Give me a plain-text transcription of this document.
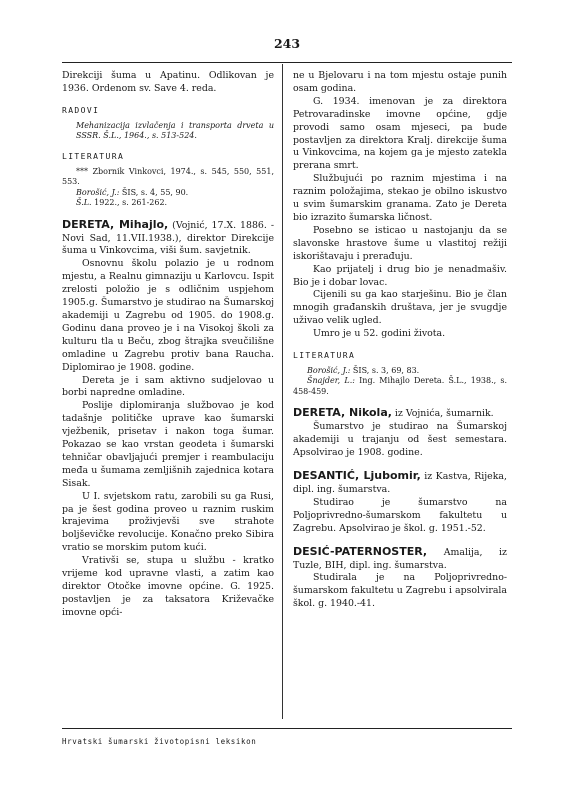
243

Direkciji šuma u Apatinu. Odlikovan je 1936. Ordenom sv. Save 4. reda.

RADOVI

Mehanizacija izvlačenja i transporta drveta u SSSR. Š.L., 1964., s. 513-524.

LITERATURA

*** Zbornik Vinkovci, 1974., s. 545, 550, 551, 553.

Borošić, J.: ŠIS, s. 4, 55, 90.

Š.L. 1922., s. 261-262.

DERETA, Mihajlo, (Vojnić, 17.X. 1886. - Novi Sad, 11.VII.1938.), direktor Direkcije šuma u Vinkovcima, viši šum. savjetnik.

Osnovnu školu polazio je u rodnom mjestu, a Realnu gimnaziju u Karlovcu. Ispit zrelosti položio je s odličnim uspjehom 1905.g. Šumarstvo je studirao na Šumarskoj akademiji u Zagrebu od 1905. do 1908.g. Godinu dana proveo je i na Visokoj školi za kulturu tla u Beču, zbog štrajka sveučilišne omladine u Zagrebu protiv bana Raucha. Diplomirao je 1908. godine.

Dereta je i sam aktivno sudjelovao u borbi napredne omladine.

Poslije diplomiranja službovao je kod tadašnje političke uprave kao šumarski vježbenik, prisetav i nakon toga šumar. Pokazao se kao vrstan geodeta i šumarski tehničar obavljajući premjer i reambulaciju međa u šumama zemljišnih zajednica kotara Sisak.

U I. svjetskom ratu, zarobili su ga Rusi, pa je šest godina proveo u raznim ruskim krajevima proživjevši sve strahote boljševičke revolucije. Konačno preko Sibira vratio se morskim putom kući.

Vrativši se, stupa u službu - kratko vrijeme kod upravne vlasti, a zatim kao direktor Otočke imovne općine. G. 1925. postavljen je za taksatora Križevačke imovne opći-

ne u Bjelovaru i na tom mjestu ostaje punih osam godina.

G. 1934. imenovan je za direktora Petrovaradinske imovne općine, gdje provodi samo osam mjeseci, pa bude postavljen za direktora Kralj. direkcije šuma u Vinkovcima, na kojem ga je mjesto zatekla prerana smrt.

Službujući po raznim mjestima i na raznim položajima, stekao je obilno iskustvo u svim šumarskim granama. Zato je Dereta bio izrazito šumarska ličnost.

Posebno se isticao u nastojanju da se slavonske hrastove šume u vlastitoj režiji iskorištavaju i prerađuju.

Kao prijatelj i drug bio je nenadmašiv. Bio je i dobar lovac.

Cijenili su ga kao starješinu. Bio je član mnogih građanskih društava, jer je svugdje uživao velik ugled.

Umro je u 52. godini života.

LITERATURA

Borošić, J.: ŠIS, s. 3, 69, 83.

Šnajder, L.: Ing. Mihajlo Dereta. Š.L., 1938., s. 458-459.

DERETA, Nikola, iz Vojnića, šumarnik.

Šumarstvo je studirao na Šumarskoj akademiji u trajanju od šest semestara. Apsolvirao je 1908. godine.

DESANTIĆ, Ljubomir, iz Kastva, Rijeka, dipl. ing. šumarstva.

Studirao je šumarstvo na Poljoprivredno-šumarskom fakultetu u Zagrebu. Apsolvirao je škol. g. 1951.-52.

DESIĆ-PATERNOSTER, Amalija, iz Tuzle, BIH, dipl. ing. šumarstva.

Studirala je na Poljoprivredno-šumarskom fakultetu u Zagrebu i apsolvirala škol. g. 1940.-41.

Hrvatski šumarski životopisni leksikon
